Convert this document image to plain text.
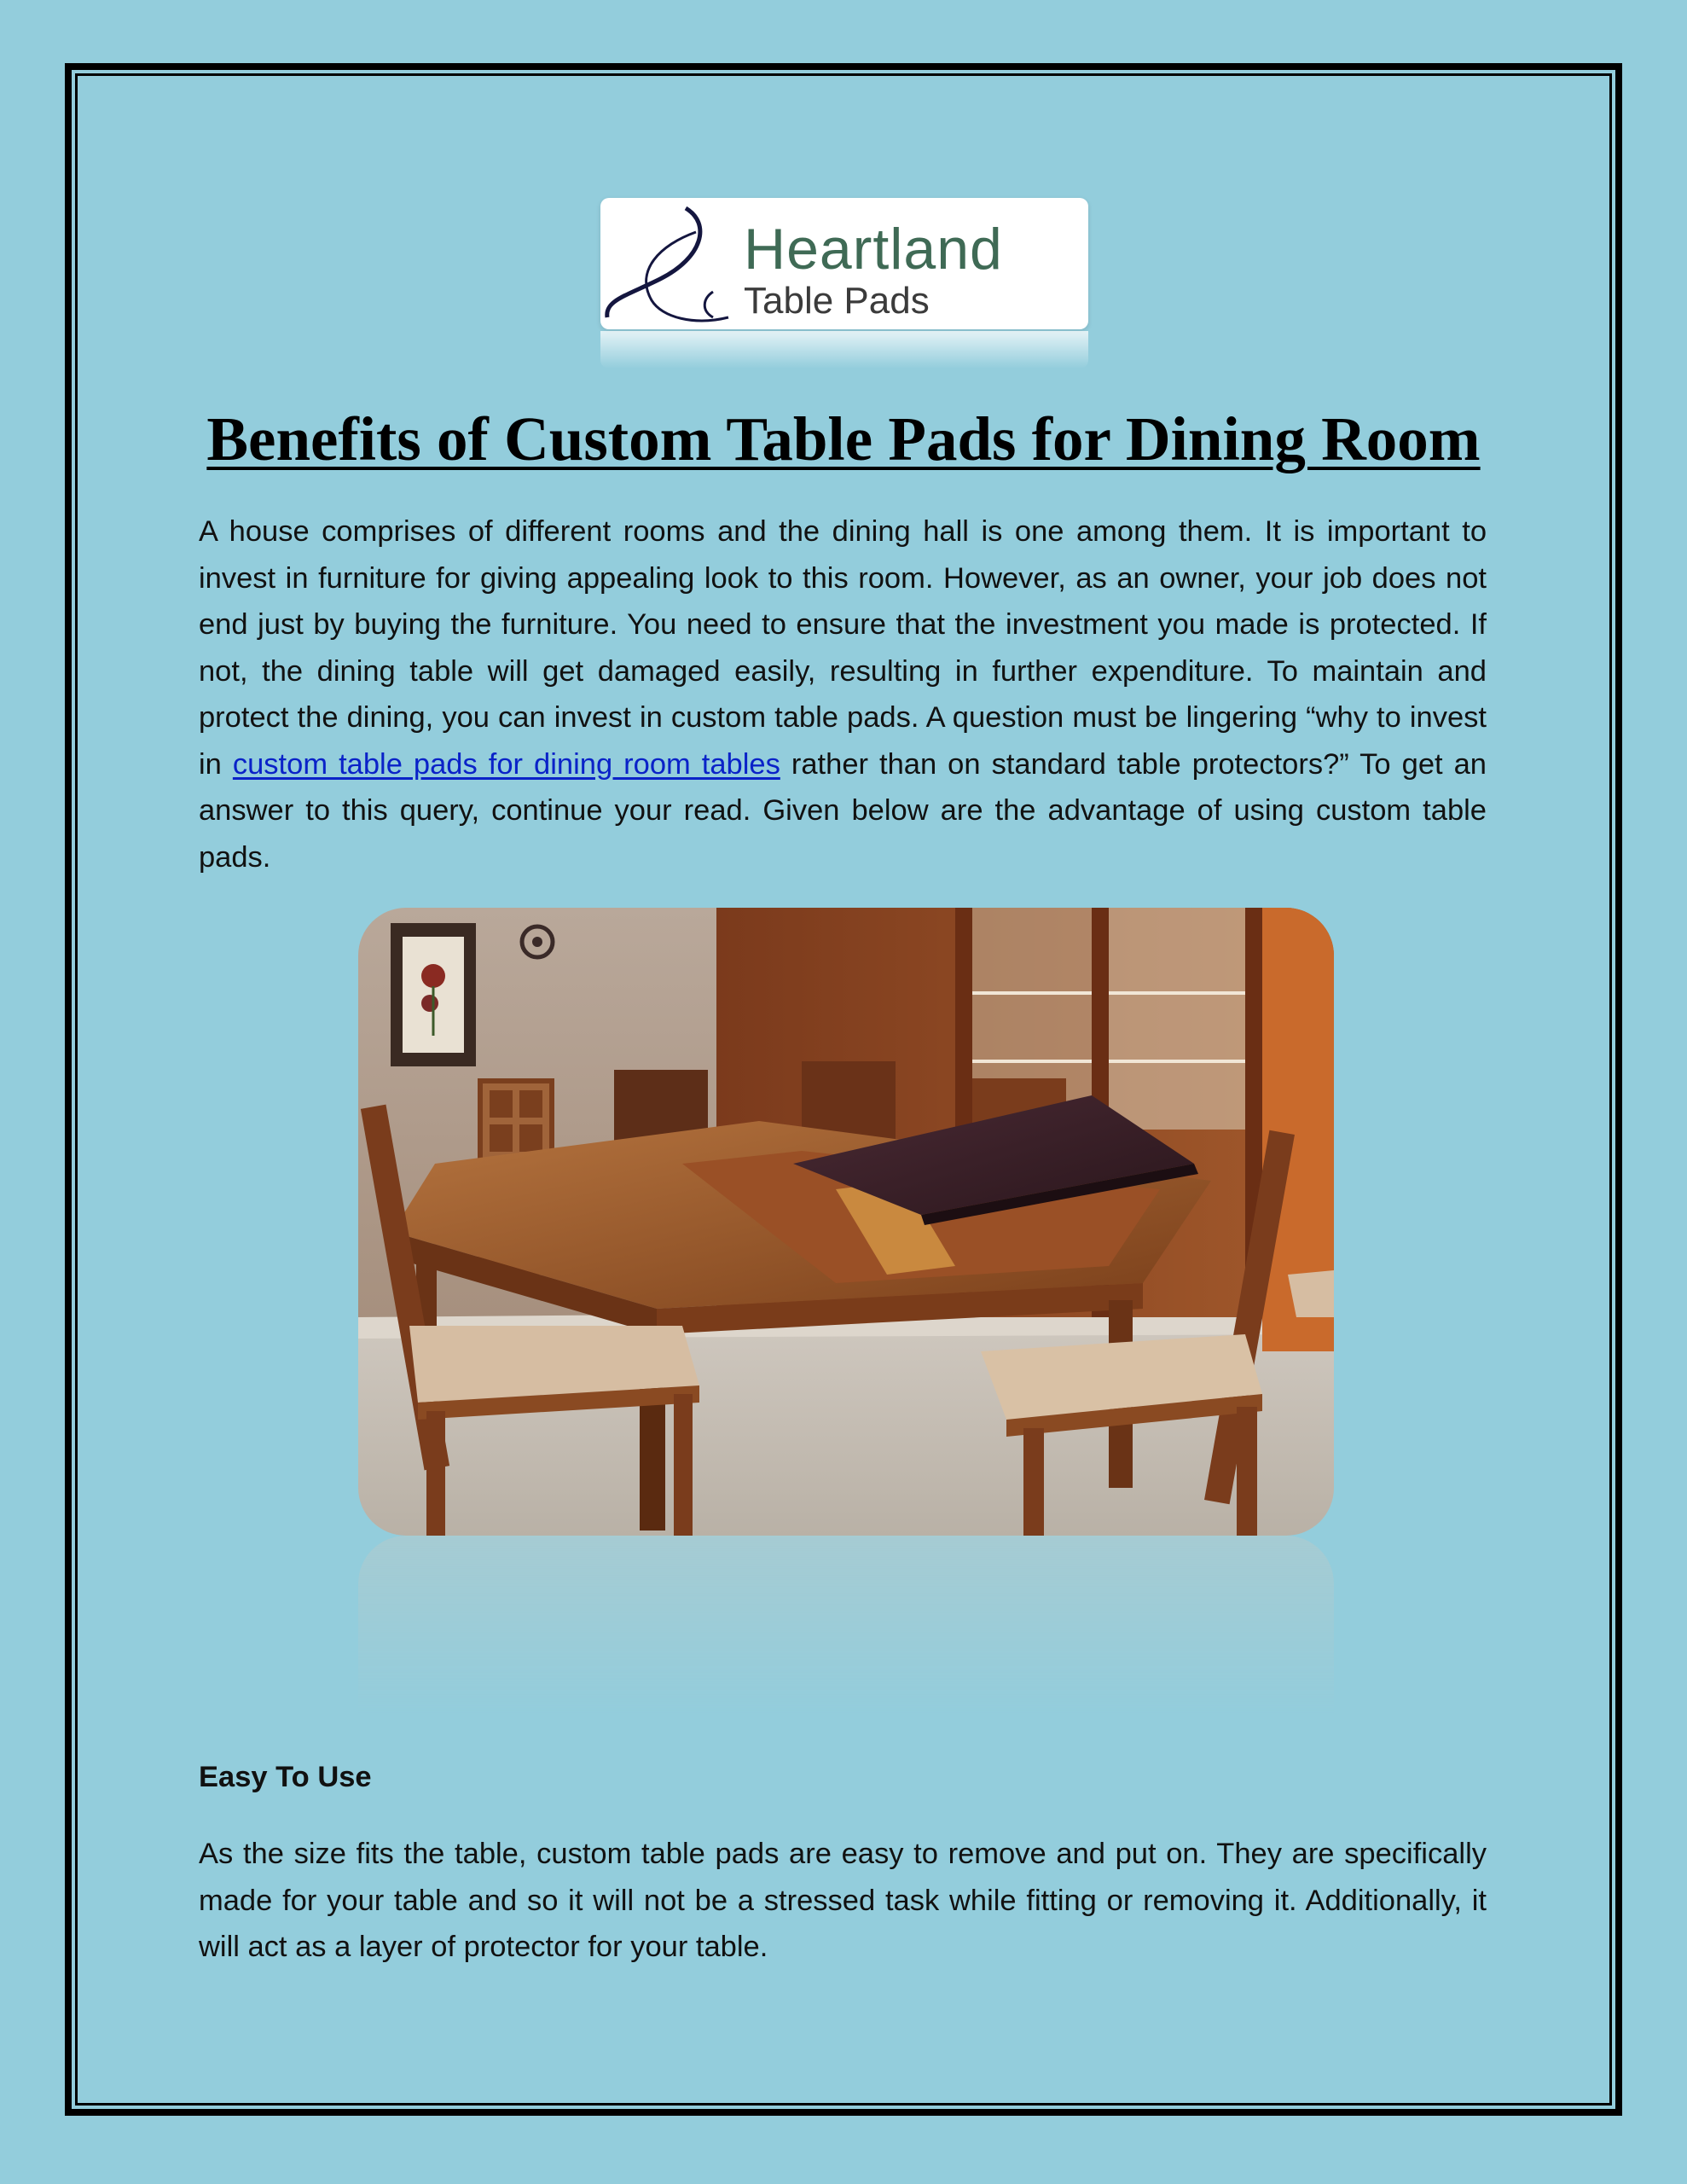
Heartland
Table Pads
Benefits of Custom Table Pads for Dining Room

A house comprises of different rooms and the dining hall is one among them. It is important to invest in furniture for giving appealing look to this room. However, as an owner, your job does not end just by buying the furniture. You need to ensure that the investment you made is protected. If not, the dining table will get damaged easily, resulting in further expenditure. To maintain and protect the dining, you can invest in custom table pads. A question must be lingering “why to invest in custom table pads for dining room tables rather than on standard table protectors?” To get an answer to this query, continue your read. Given below are the advantage of using custom table pads.

Easy To Use

As the size fits the table, custom table pads are easy to remove and put on. They are specifically made for your table and so it will not be a stressed task while fitting or removing it. Additionally, it will act as a layer of protector for your table.
